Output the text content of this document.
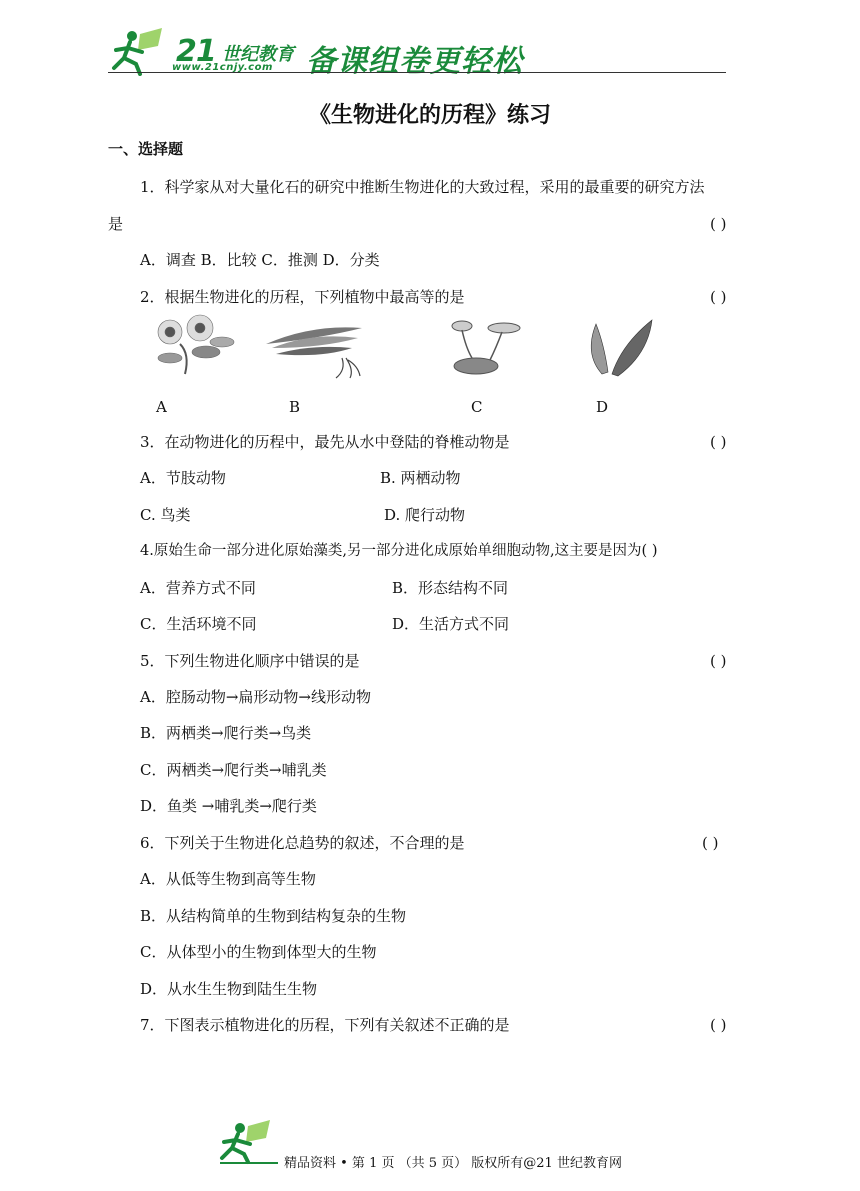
21 世纪教育
www.21cnjy.com 备课组卷更轻松
《生物进化的历程》练习
一、选择题
1．科学家从对大量化石的研究中推断生物进化的大致过程，采用的最重要的研究方法
是	( )
A．调查 B．比较 C．推测 D．分类
2．根据生物进化的历程，下列植物中最高等的是	( )
A	B	C	D
3．在动物进化的历程中，最先从水中登陆的脊椎动物是	( )
A．节肢动物	B. 两栖动物
C. 鸟类	D. 爬行动物
4.原始生命一部分进化原始藻类,另一部分进化成原始单细胞动物,这主要是因为( )
A．营养方式不同	B．形态结构不同
C．生活环境不同	D．生活方式不同
5．下列生物进化顺序中错误的是	( )
A．腔肠动物→扁形动物→线形动物
B．两栖类→爬行类→鸟类
C．两栖类→爬行类→哺乳类
D．鱼类 →哺乳类→爬行类
6．下列关于生物进化总趋势的叙述，不合理的是	( )
A．从低等生物到高等生物
B．从结构简单的生物到结构复杂的生物
C．从体型小的生物到体型大的生物
D．从水生生物到陆生生物
7．下图表示植物进化的历程，下列有关叙述不正确的是	( )
精品资料 • 第 1 页 （共 5 页） 版权所有@21 世纪教育网
